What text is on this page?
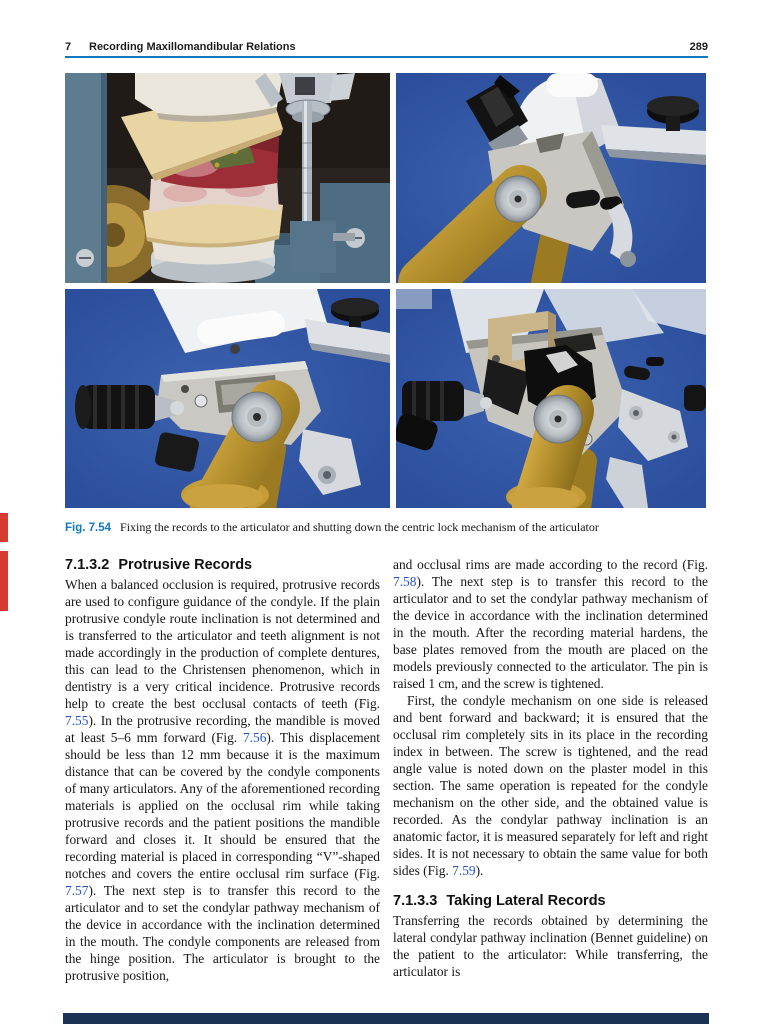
7	Recording Maxillomandibular Relations	289
Fig. 7.54 Fixing the records to the articulator and shutting down the centric lock mechanism of the articulator
7.1.3.2 Protrusive Records

When a balanced occlusion is required, protrusive records are used to configure guidance of the condyle. If the plain protrusive condyle route inclination is not determined and is transferred to the articulator and teeth alignment is not made accordingly in the production of complete dentures, this can lead to the Christensen phenomenon, which in dentistry is a very critical incidence. Protrusive records help to create the best occlusal contacts of teeth (Fig. 7.55). In the protrusive recording, the mandible is moved at least 5–6 mm forward (Fig. 7.56). This displacement should be less than 12 mm because it is the maximum distance that can be covered by the condyle components of many articulators. Any of the aforementioned recording materials is applied on the occlusal rim while taking protrusive records and the patient positions the mandible forward and closes it. It should be ensured that the recording material is placed in corresponding “V”-shaped notches and covers the entire occlusal rim surface (Fig. 7.57). The next step is to transfer this record to the articulator and to set the condylar pathway mechanism of the device in accordance with the inclination determined in the mouth. The condyle components are released from the hinge position. The articulator is brought to the protrusive position,

and occlusal rims are made according to the record (Fig. 7.58). The next step is to transfer this record to the articulator and to set the condylar pathway mechanism of the device in accordance with the inclination determined in the mouth. After the recording material hardens, the base plates removed from the mouth are placed on the models previously connected to the articulator. The pin is raised 1 cm, and the screw is tightened.

First, the condyle mechanism on one side is released and bent forward and backward; it is ensured that the occlusal rim completely sits in its place in the recording index in between. The screw is tightened, and the read angle value is noted down on the plaster model in this section. The same operation is repeated for the condyle mechanism on the other side, and the obtained value is recorded. As the condylar pathway inclination is an anatomic factor, it is measured separately for left and right sides. It is not necessary to obtain the same value for both sides (Fig. 7.59).

7.1.3.3 Taking Lateral Records

Transferring the records obtained by determining the lateral condylar pathway inclination (Bennet guideline) on the patient to the articulator: While transferring, the articulator is
